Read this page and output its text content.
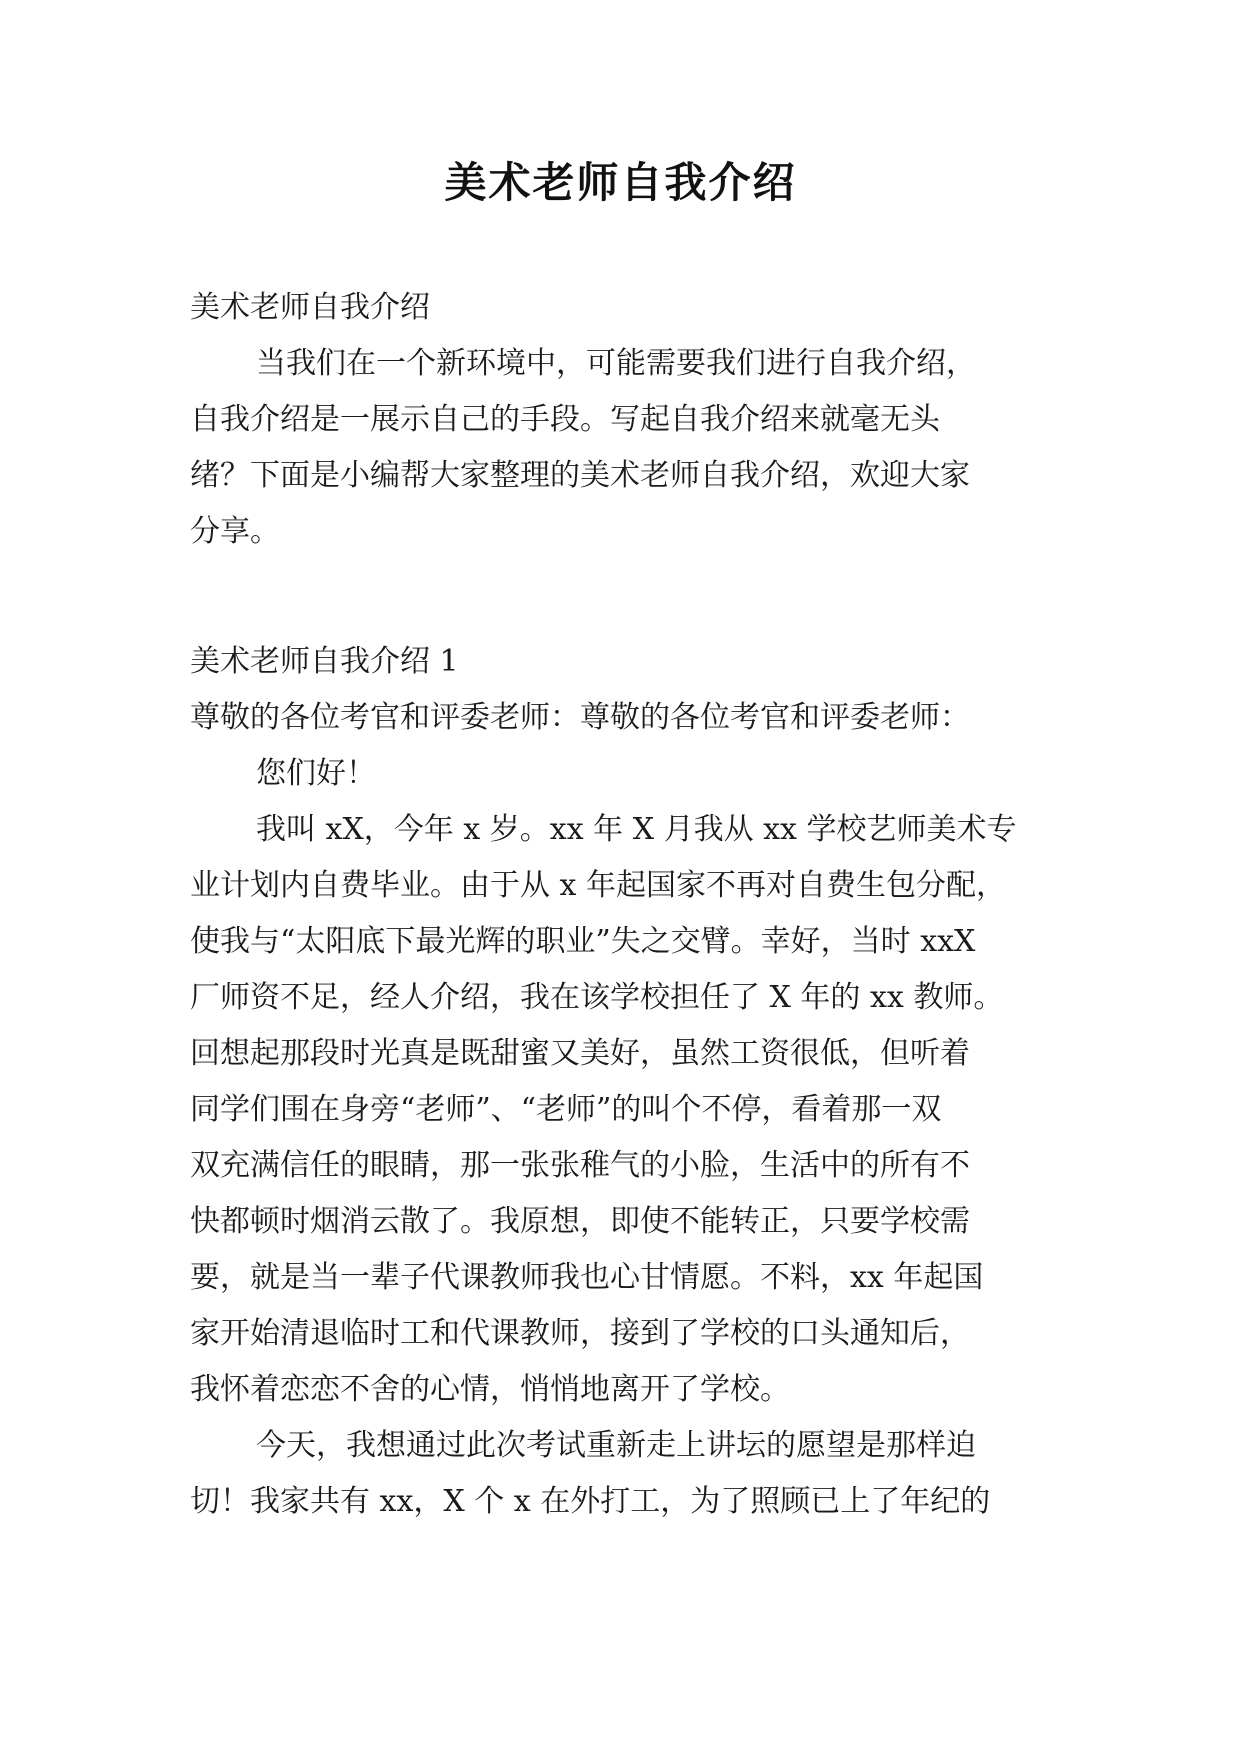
美术老师自我介绍
美术老师自我介绍
当我们在一个新环境中，可能需要我们进行自我介绍，
自我介绍是一展示自己的手段。写起自我介绍来就毫无头
绪？下面是小编帮大家整理的美术老师自我介绍，欢迎大家
分享。
美术老师自我介绍 1
尊敬的各位考官和评委老师：尊敬的各位考官和评委老师：
您们好！
我叫 xX，今年 x 岁。xx 年 X 月我从 xx 学校艺师美术专
业计划内自费毕业。由于从 x 年起国家不再对自费生包分配，
使我与“太阳底下最光辉的职业”失之交臂。幸好，当时 xxX
厂师资不足，经人介绍，我在该学校担任了 X 年的 xx 教师。
回想起那段时光真是既甜蜜又美好，虽然工资很低，但听着
同学们围在身旁“老师”、“老师”的叫个不停，看着那一双
双充满信任的眼睛，那一张张稚气的小脸，生活中的所有不
快都顿时烟消云散了。我原想，即使不能转正，只要学校需
要，就是当一辈子代课教师我也心甘情愿。不料，xx 年起国
家开始清退临时工和代课教师，接到了学校的口头通知后，
我怀着恋恋不舍的心情，悄悄地离开了学校。
今天，我想通过此次考试重新走上讲坛的愿望是那样迫
切！我家共有 xx，X 个 x 在外打工，为了照顾已上了年纪的
